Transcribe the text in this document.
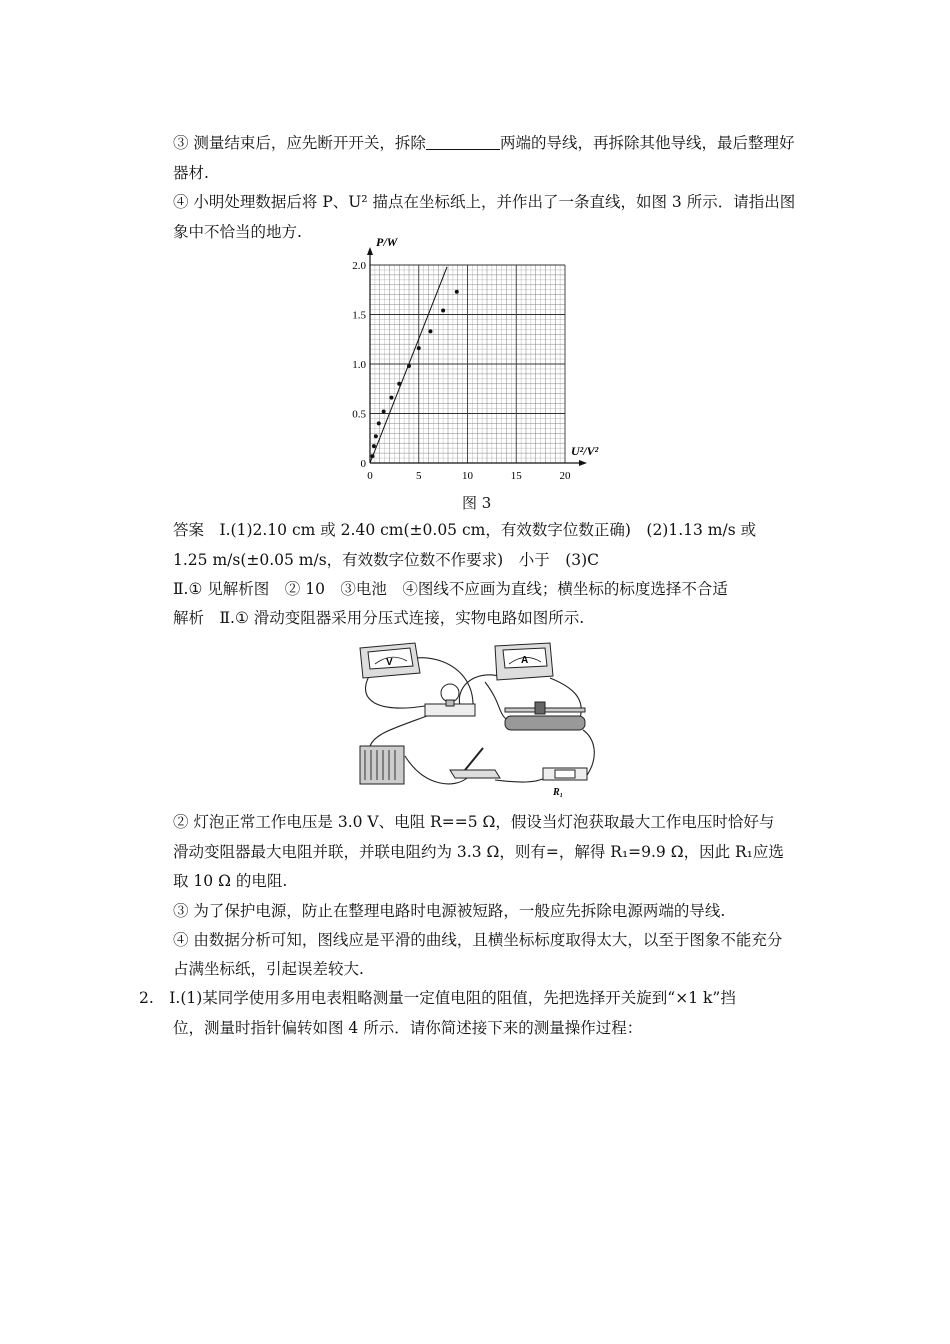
③ 测量结束后，应先断开开关，拆除	两端的导线，再拆除其他导线，最后整理好
器材.
④ 小明处理数据后将 P、U² 描点在坐标纸上，并作出了一条直线，如图 3 所示．请指出图
象中不恰当的地方.
0	5	10	15	20
0.5
1.0
1.5
2.0
0
P/W
U²/V²
图 3
答案　Ⅰ.(1)2.10 cm 或 2.40 cm(±0.05 cm，有效数字位数正确)　(2)1.13 m/s 或
1.25 m/s(±0.05 m/s，有效数字位数不作要求)　小于　(3)C
Ⅱ.① 见解析图　② 10　③电池　④图线不应画为直线；横坐标的标度选择不合适
解析　Ⅱ.① 滑动变阻器采用分压式连接，实物电路如图所示.
V	A
R₁
② 灯泡正常工作电压是 3.0 V、电阻 R==5 Ω，假设当灯泡获取最大工作电压时恰好与
滑动变阻器最大电阻并联，并联电阻约为 3.3 Ω，则有=，解得 R₁=9.9 Ω，因此 R₁应选
取 10 Ω 的电阻.
③ 为了保护电源，防止在整理电路时电源被短路，一般应先拆除电源两端的导线.
④ 由数据分析可知，图线应是平滑的曲线，且横坐标标度取得太大，以至于图象不能充分
占满坐标纸，引起误差较大.
2.　Ⅰ.(1)某同学使用多用电表粗略测量一定值电阻的阻值，先把选择开关旋到“×1 k”挡
位，测量时指针偏转如图 4 所示．请你简述接下来的测量操作过程：
